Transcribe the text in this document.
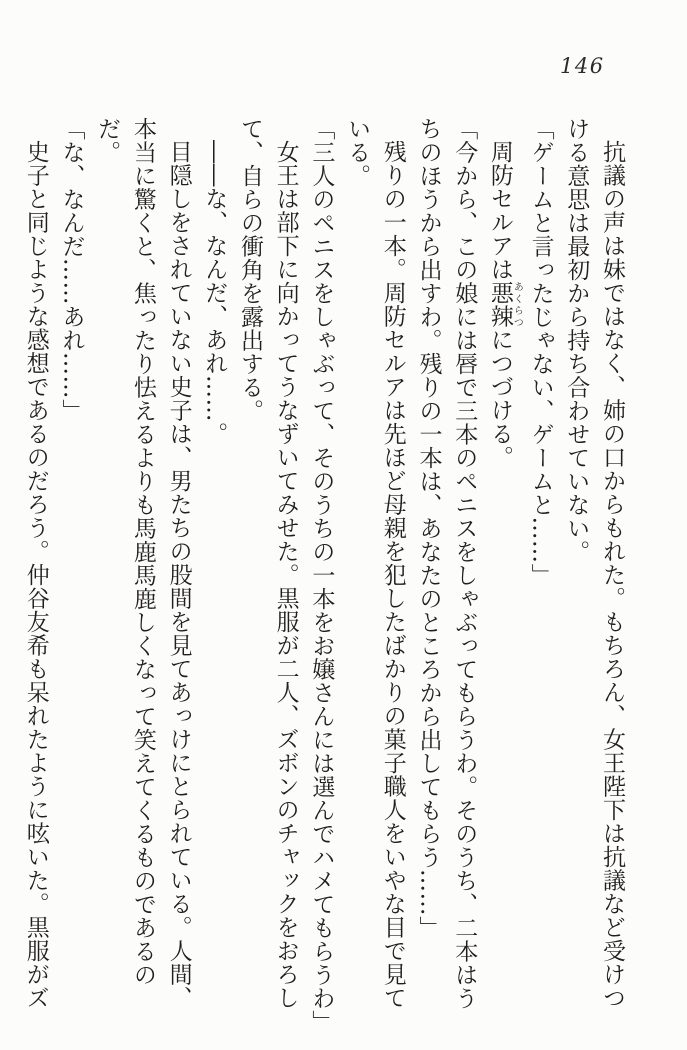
146
抗議の声は妹ではなく、姉の口からもれた。もちろん、女王陛下は抗議など受けつ
ける意思は最初から持ち合わせていない。
「ゲームと言ったじゃない、ゲームと……」
周防セルアは悪辣あくらつにつづける。
「今から、この娘には唇で三本のペニスをしゃぶってもらうわ。そのうち、二本はう
ちのほうから出すわ。残りの一本は、あなたのところから出してもらう……」
残りの一本。周防セルアは先ほど母親を犯したばかりの菓子職人をいやな目で見て
いる。
「三人のペニスをしゃぶって、そのうちの一本をお嬢さんには選んでハメてもらうわ」
女王は部下に向かってうなずいてみせた。黒服が二人、ズボンのチャックをおろし
て、自らの衝角を露出する。
――な、なんだ、あれ……。
目隠しをされていない史子は、男たちの股間を見てあっけにとられている。人間、
本当に驚くと、焦ったり怯えるよりも馬鹿馬鹿しくなって笑えてくるものであるのだ。
「な、なんだ……あれ……」
史子と同じような感想であるのだろう。仲谷友希も呆れたように呟いた。黒服がズ
